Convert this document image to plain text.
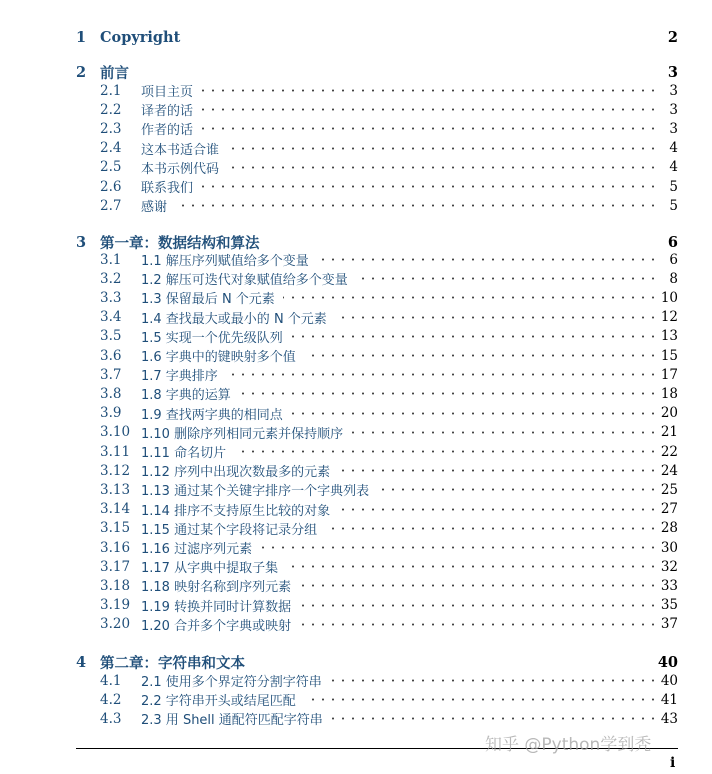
1 Copyright	2
2 前言	3
2.1 项目主页	3
2.2 译者的话	3
2.3 作者的话	3
2.4 这本书适合谁	4
2.5 本书示例代码	4
2.6 联系我们	5
2.7 感谢	5
3 第一章：数据结构和算法	6
3.1 1.1 解压序列赋值给多个变量	6
3.2 1.2 解压可迭代对象赋值给多个变量	8
3.3 1.3 保留最后 N 个元素	10
3.4 1.4 查找最大或最小的 N 个元素	12
3.5 1.5 实现一个优先级队列	13
3.6 1.6 字典中的键映射多个值	15
3.7 1.7 字典排序	17
3.8 1.8 字典的运算	18
3.9 1.9 查找两字典的相同点	20
3.10 1.10 删除序列相同元素并保持顺序	21
3.11 1.11 命名切片	22
3.12 1.12 序列中出现次数最多的元素	24
3.13 1.13 通过某个关键字排序一个字典列表	25
3.14 1.14 排序不支持原生比较的对象	27
3.15 1.15 通过某个字段将记录分组	28
3.16 1.16 过滤序列元素	30
3.17 1.17 从字典中提取子集	32
3.18 1.18 映射名称到序列元素	33
3.19 1.19 转换并同时计算数据	35
3.20 1.20 合并多个字典或映射	37
4 第二章：字符串和文本	40
4.1 2.1 使用多个界定符分割字符串	40
4.2 2.2 字符串开头或结尾匹配	41
4.3 2.3 用 Shell 通配符匹配字符串	43
i
知乎 @Python学到秃
